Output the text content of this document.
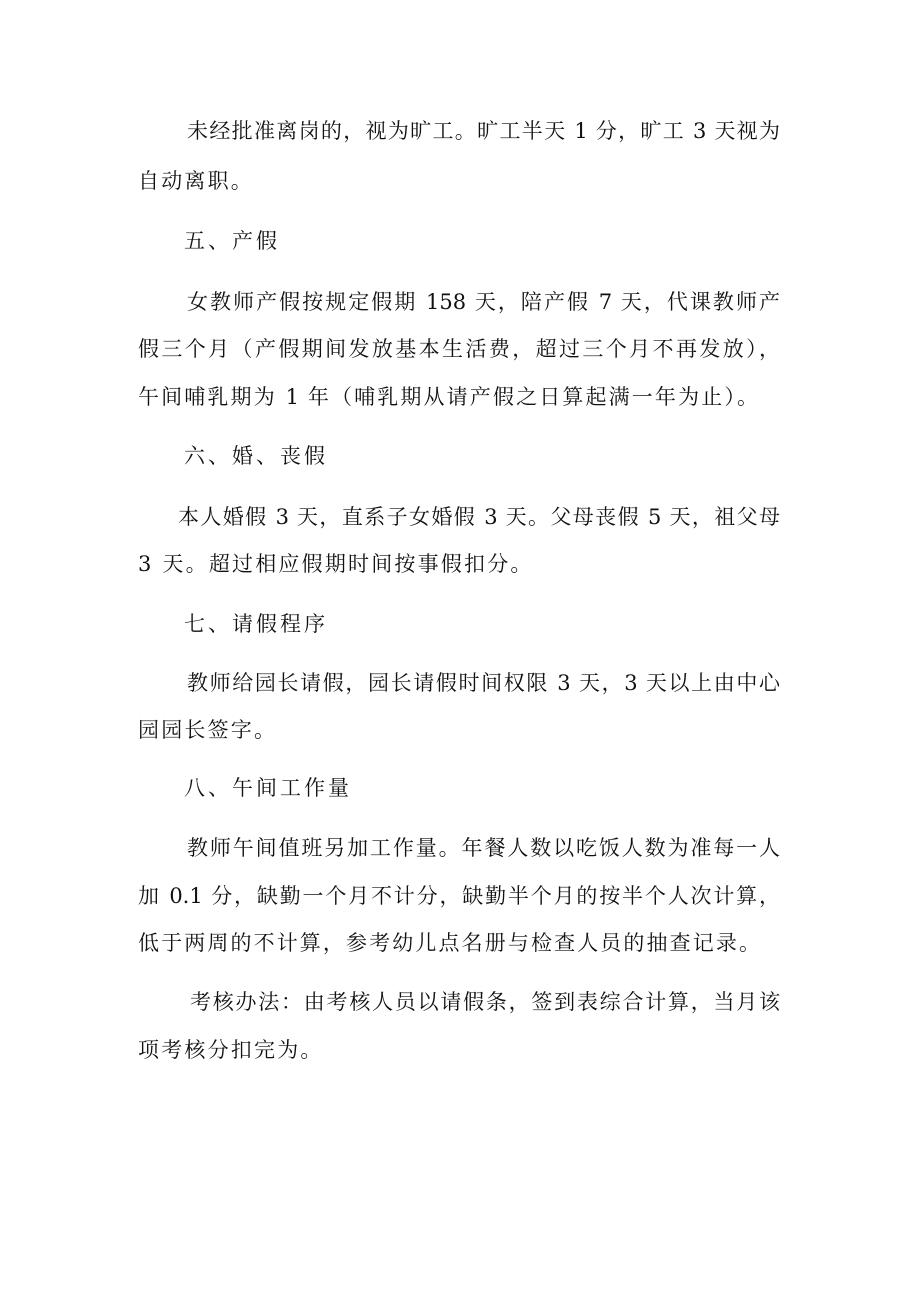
未经批准离岗的，视为旷工。旷工半天 1 分，旷工 3 天视为
自动离职。
五、产假
女教师产假按规定假期 158 天，陪产假 7 天，代课教师产
假三个月（产假期间发放基本生活费，超过三个月不再发放），
午间哺乳期为 1 年（哺乳期从请产假之日算起满一年为止）。
六、婚、丧假
本人婚假 3 天，直系子女婚假 3 天。父母丧假 5 天，祖父母
3 天。超过相应假期时间按事假扣分。
七、请假程序
教师给园长请假，园长请假时间权限 3 天，3 天以上由中心
园园长签字。
八、午间工作量
教师午间值班另加工作量。年餐人数以吃饭人数为准每一人
加 0.1 分，缺勤一个月不计分，缺勤半个月的按半个人次计算，
低于两周的不计算，参考幼儿点名册与检查人员的抽查记录。
考核办法：由考核人员以请假条，签到表综合计算，当月该
项考核分扣完为。
